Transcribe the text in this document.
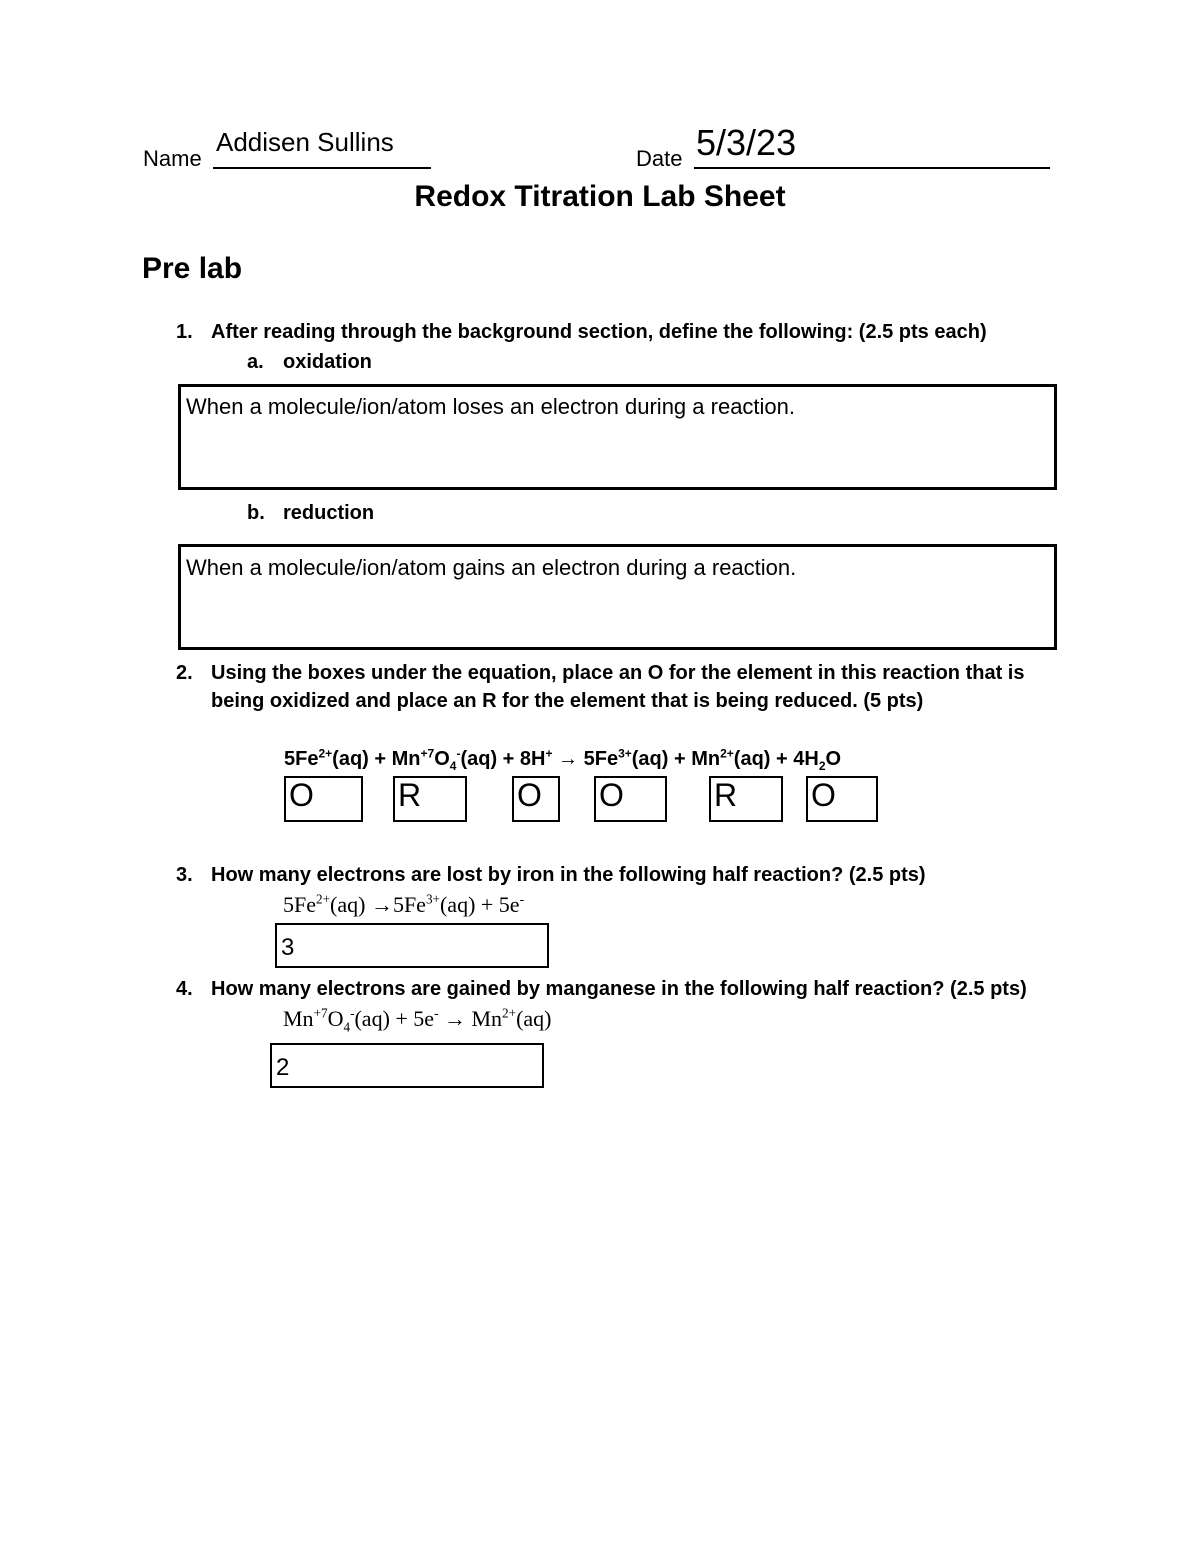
Name
Addisen Sullins
Date 5/3/23
Redox Titration Lab Sheet
Pre lab
1. After reading through the background section, define the following: (2.5 pts each)
a. oxidation
When a molecule/ion/atom loses an electron during a reaction.
b. reduction
When a molecule/ion/atom gains an electron during a reaction.
2. Using the boxes under the equation, place an O for the element in this reaction that is
being oxidized and place an R for the element that is being reduced. (5 pts)
$5Fe^{2+}(aq) + Mn^{+7}O_4^-(aq) + 8H^+ \to 5Fe^{3+}(aq) + Mn^{2+}(aq) + 4H_2O$
O	R	O	O	R	O
3. How many electrons are lost by iron in the following half reaction? (2.5 pts)
$5Fe^{2+}(aq) \to 5Fe^{3+}(aq) + 5e^-$
3
4. How many electrons are gained by manganese in the following half reaction? (2.5 pts)
$Mn^{+7}O_4^-(aq) + 5e^- \to Mn^{2+}(aq)$
2
